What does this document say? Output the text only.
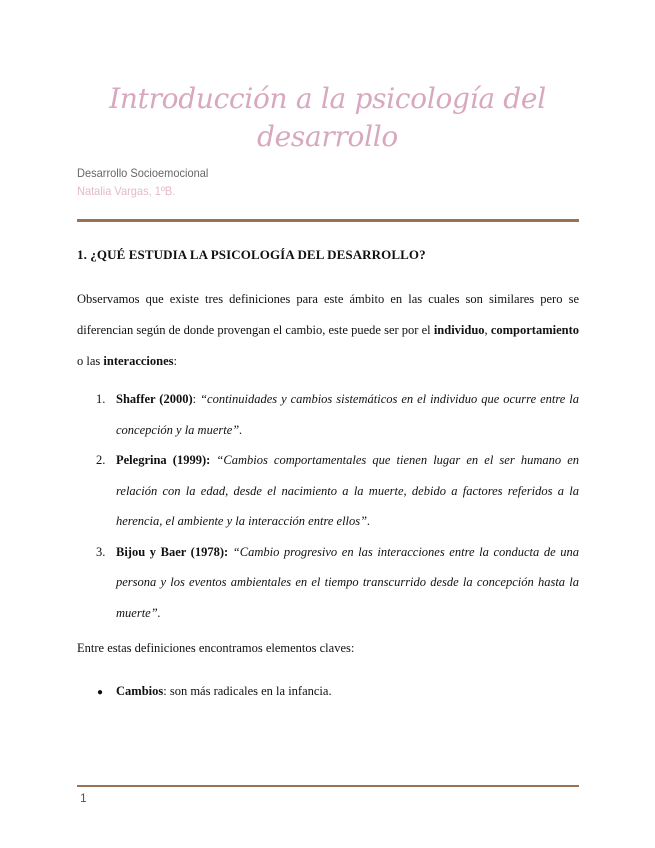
Introducción a la psicología del desarrollo
Desarrollo Socioemocional
Natalia Vargas, 1ºB.
1. ¿QUÉ ESTUDIA LA PSICOLOGÍA DEL DESARROLLO?

Observamos que existe tres definiciones para este ámbito en las cuales son similares pero se diferencian según de donde provengan el cambio, este puede ser por el individuo, comportamiento o las interacciones:

1. Shaffer (2000): “continuidades y cambios sistemáticos en el individuo que ocurre entre la concepción y la muerte”.
2. Pelegrina (1999): “Cambios comportamentales que tienen lugar en el ser humano en relación con la edad, desde el nacimiento a la muerte, debido a factores referidos a la herencia, el ambiente y la interacción entre ellos”.
3. Bijou y Baer (1978): “Cambio progresivo en las interacciones entre la conducta de una persona y los eventos ambientales en el tiempo transcurrido desde la concepción hasta la muerte”.
Entre estas definiciones encontramos elementos claves:
● Cambios: son más radicales en la infancia.
1
